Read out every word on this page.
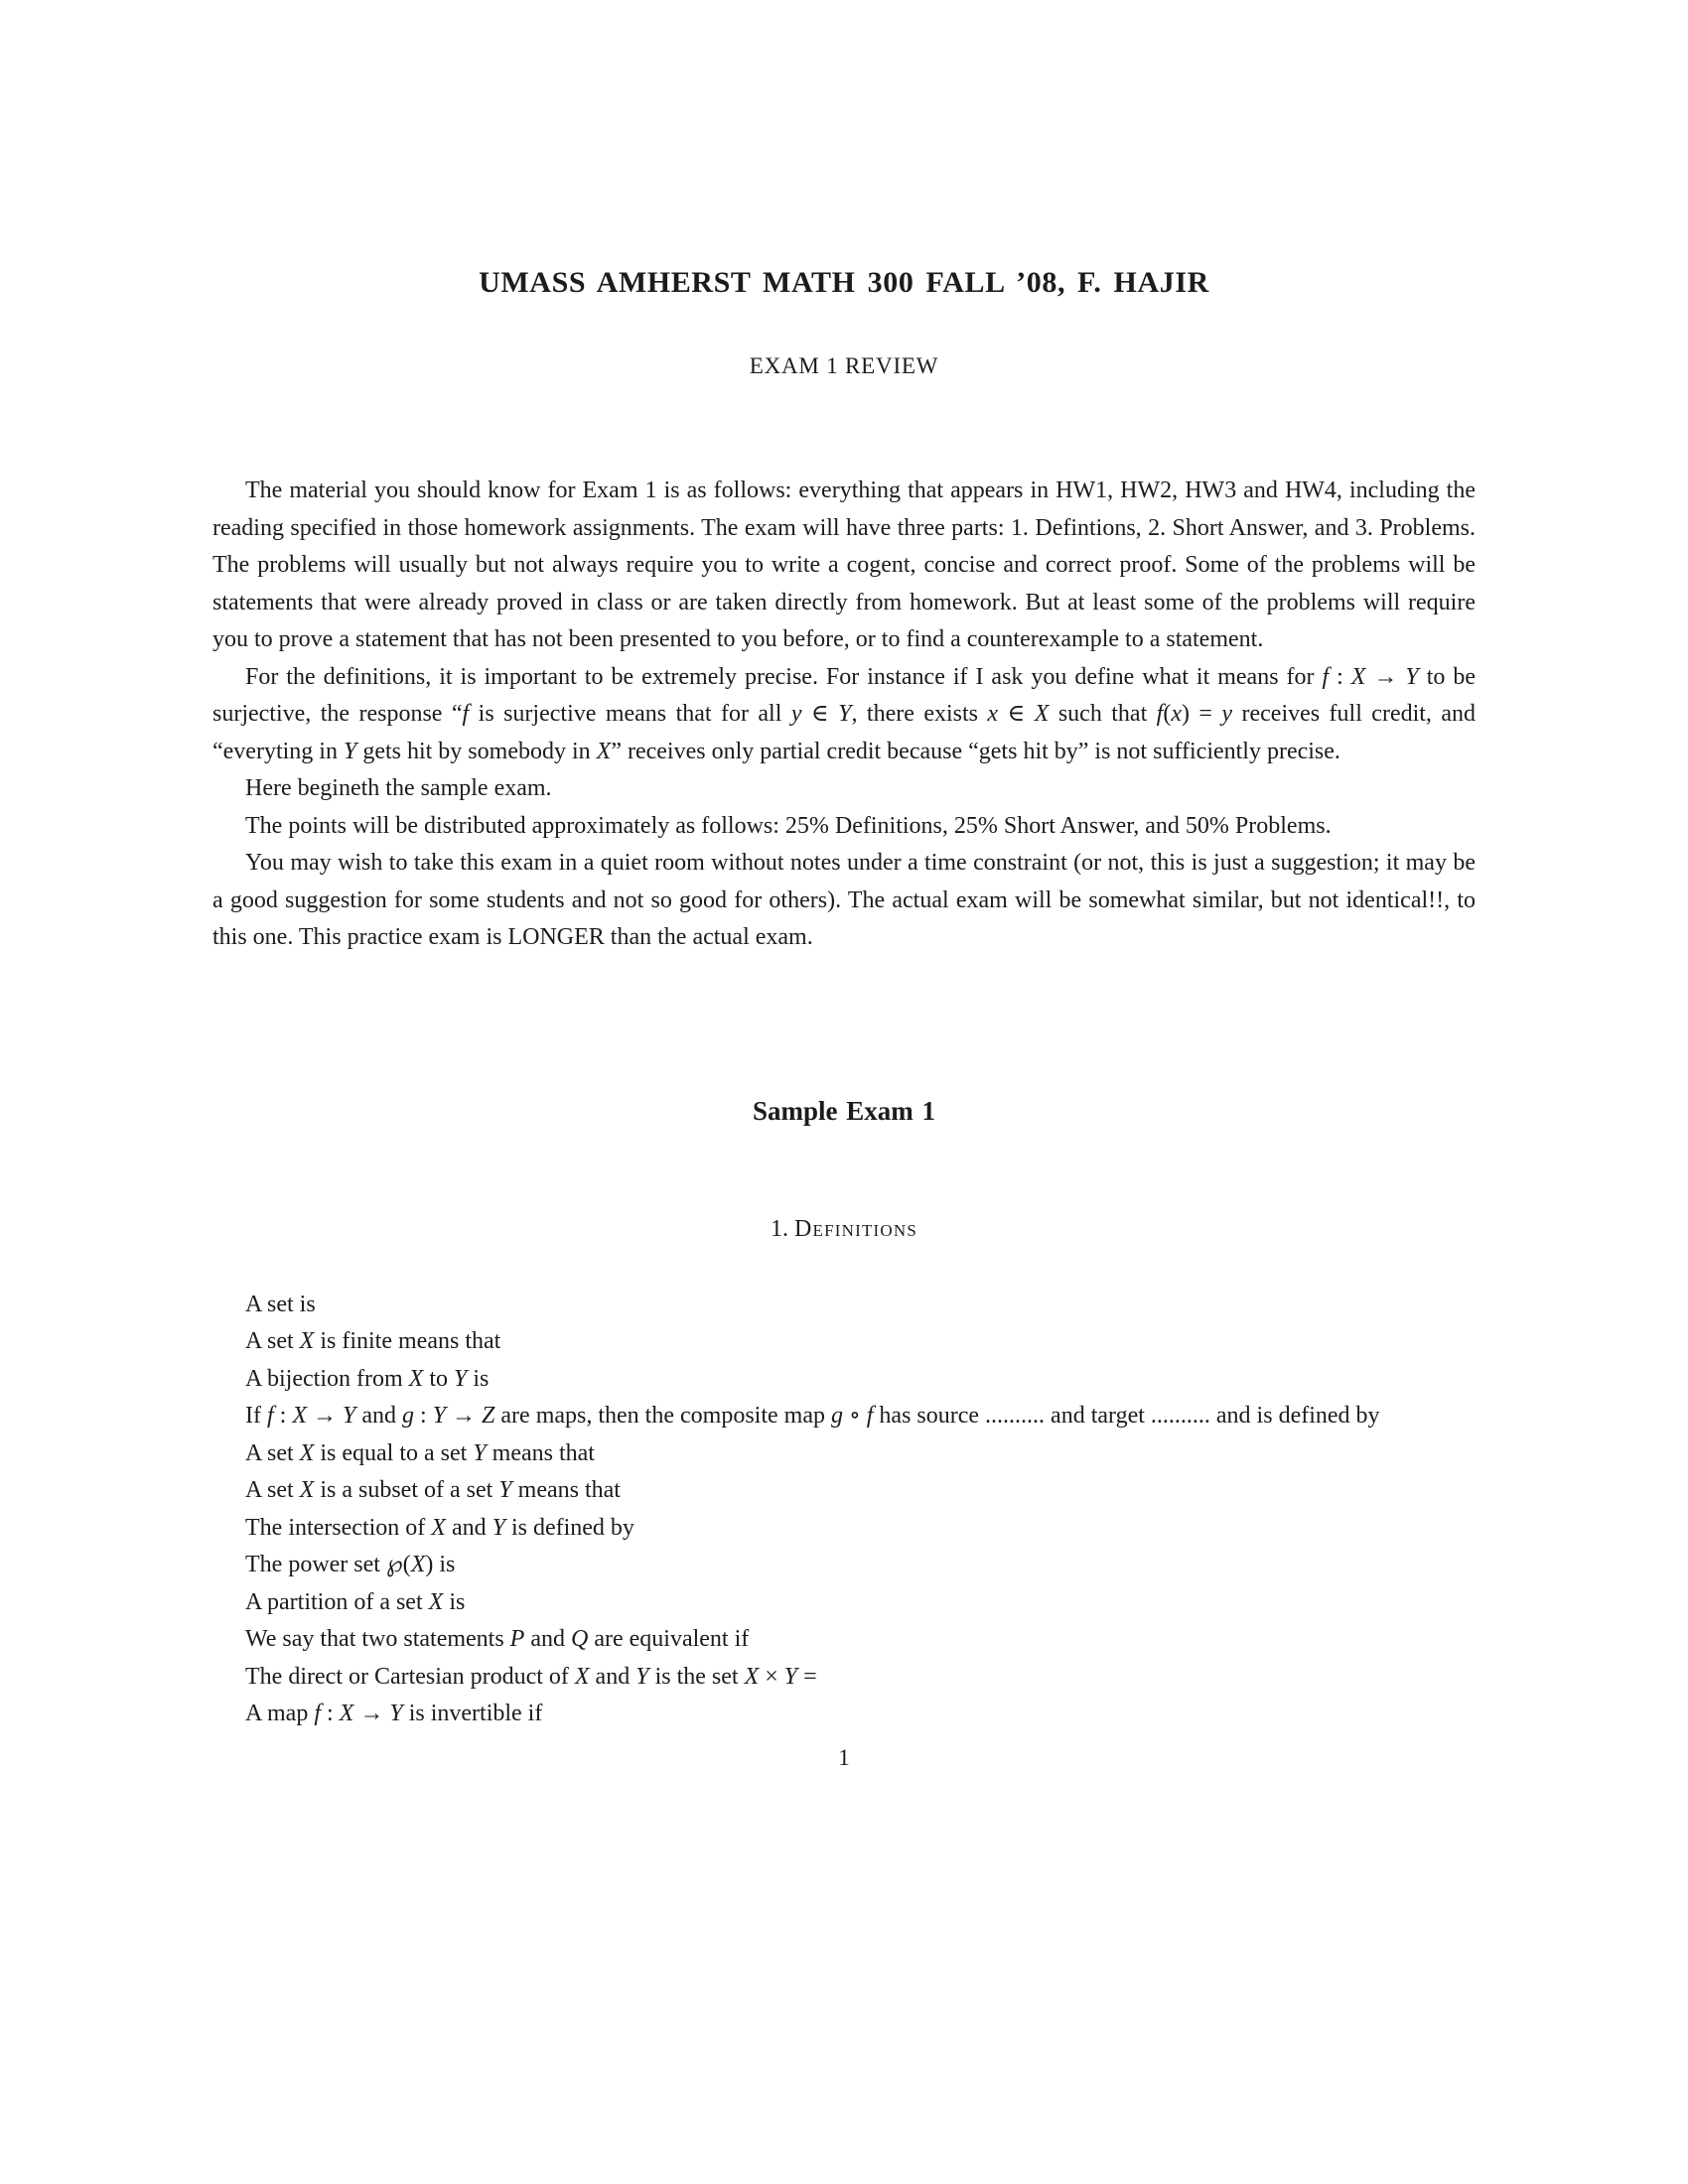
UMASS AMHERST MATH 300 FALL ’08, F. HAJIR
EXAM 1 REVIEW

The material you should know for Exam 1 is as follows: everything that appears in HW1, HW2, HW3 and HW4, including the reading specified in those homework assignments. The exam will have three parts: 1. Defintions, 2. Short Answer, and 3. Problems. The problems will usually but not always require you to write a cogent, concise and correct proof. Some of the problems will be statements that were already proved in class or are taken directly from homework. But at least some of the problems will require you to prove a statement that has not been presented to you before, or to find a counterexample to a statement.

For the definitions, it is important to be extremely precise. For instance if I ask you define what it means for f : X → Y to be surjective, the response “f is surjective means that for all y ∈ Y, there exists x ∈ X such that f(x) = y receives full credit, and “everyting in Y gets hit by somebody in X” receives only partial credit because “gets hit by” is not sufficiently precise.

Here begineth the sample exam.

The points will be distributed approximately as follows: 25% Definitions, 25% Short Answer, and 50% Problems.

You may wish to take this exam in a quiet room without notes under a time constraint (or not, this is just a suggestion; it may be a good suggestion for some students and not so good for others). The actual exam will be somewhat similar, but not identical!!, to this one. This practice exam is LONGER than the actual exam.

Sample Exam 1
1. Definitions

A set is

A set X is finite means that

A bijection from X to Y is

If f : X → Y and g : Y → Z are maps, then the composite map g ∘ f has source .......... and target .......... and is defined by

A set X is equal to a set Y means that

A set X is a subset of a set Y means that

The intersection of X and Y is defined by

The power set ℘(X) is

A partition of a set X is

We say that two statements P and Q are equivalent if

The direct or Cartesian product of X and Y is the set X × Y =

A map f : X → Y is invertible if

1
